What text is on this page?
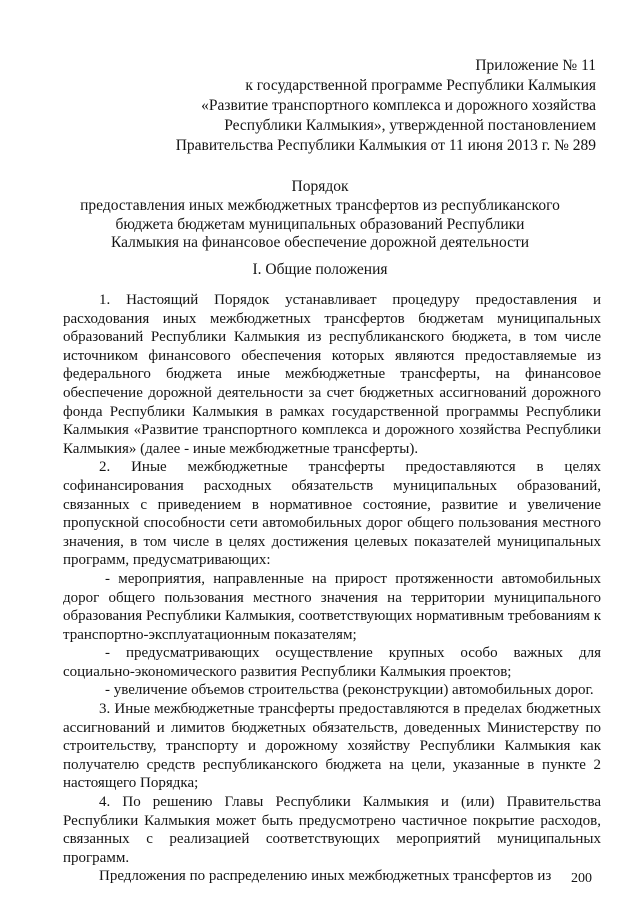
Приложение № 11
к государственной программе Республики Калмыкия
«Развитие транспортного комплекса и дорожного хозяйства
Республики Калмыкия», утвержденной постановлением
Правительства Республики Калмыкия от 11 июня 2013 г. № 289
Порядок
предоставления иных межбюджетных трансфертов из республиканского бюджета бюджетам муниципальных образований Республики Калмыкия на финансовое обеспечение дорожной деятельности
I. Общие положения

1. Настоящий Порядок устанавливает процедуру предоставления и расходования иных межбюджетных трансфертов бюджетам муниципальных образований Республики Калмыкия из республиканского бюджета, в том числе источником финансового обеспечения которых являются предоставляемые из федерального бюджета иные межбюджетные трансферты, на финансовое обеспечение дорожной деятельности за счет бюджетных ассигнований дорожного фонда Республики Калмыкия в рамках государственной программы Республики Калмыкия «Развитие транспортного комплекса и дорожного хозяйства Республики Калмыкия» (далее - иные межбюджетные трансферты).

2. Иные межбюджетные трансферты предоставляются в целях софинансирования расходных обязательств муниципальных образований, связанных с приведением в нормативное состояние, развитие и увеличение пропускной способности сети автомобильных дорог общего пользования местного значения, в том числе в целях достижения целевых показателей муниципальных программ, предусматривающих:

- мероприятия, направленные на прирост протяженности автомобильных дорог общего пользования местного значения на территории муниципального образования Республики Калмыкия, соответствующих нормативным требованиям к транспортно-эксплуатационным показателям;

- предусматривающих осуществление крупных особо важных для социально-экономического развития Республики Калмыкия проектов;

- увеличение объемов строительства (реконструкции) автомобильных дорог.

3. Иные межбюджетные трансферты предоставляются в пределах бюджетных ассигнований и лимитов бюджетных обязательств, доведенных Министерству по строительству, транспорту и дорожному хозяйству Республики Калмыкия как получателю средств республиканского бюджета на цели, указанные в пункте 2 настоящего Порядка;

4. По решению Главы Республики Калмыкия и (или) Правительства Республики Калмыкия может быть предусмотрено частичное покрытие расходов, связанных с реализацией соответствующих мероприятий муниципальных программ.

Предложения по распределению иных межбюджетных трансфертов из	200
